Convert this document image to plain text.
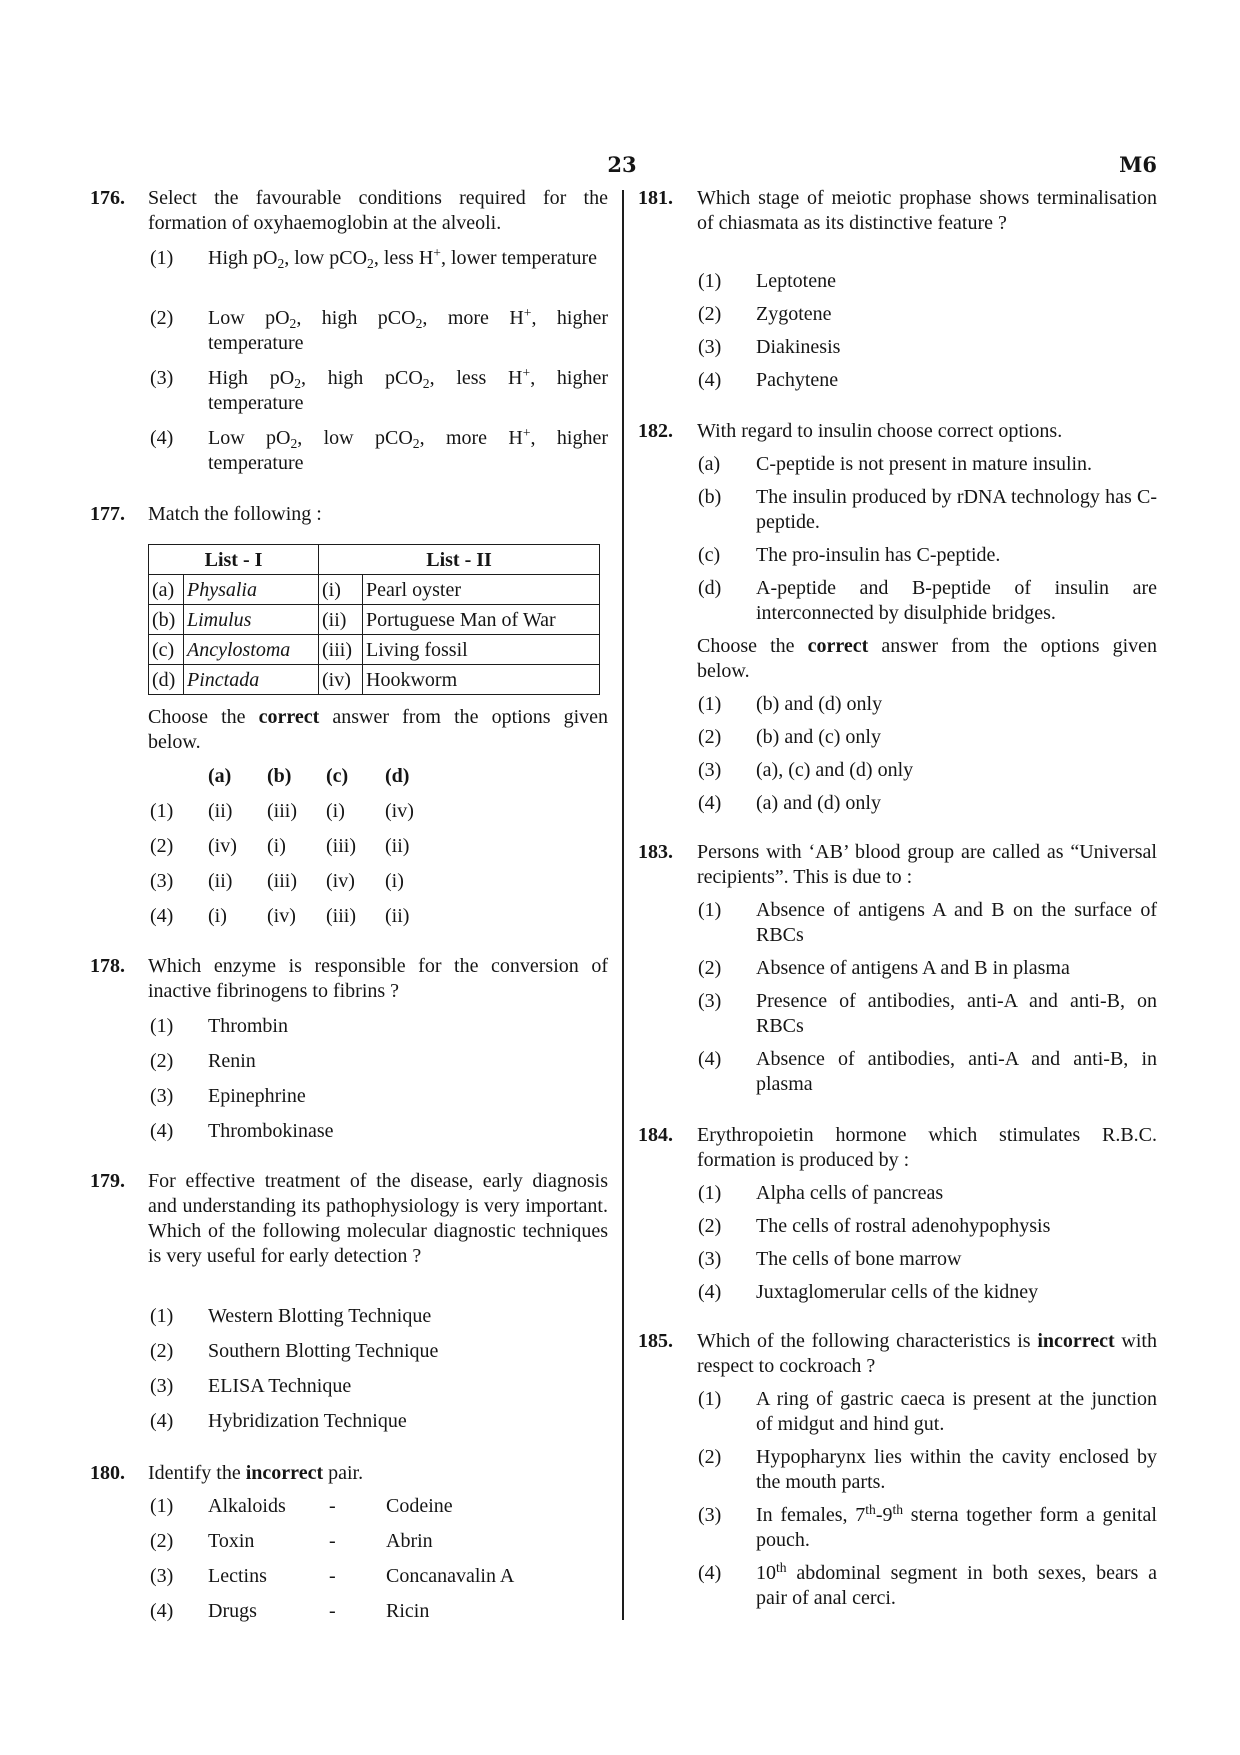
23	M6
176.	Select the favourable conditions required for the formation of oxyhaemoglobin at the alveoli.
(1)	High $pO_2$, low pCO$_2$, less H+, lower temperature
(2)	Low $pO_2$, high pCO$_2$, more H+, higher temperature
(3)	High $pO_2$, high pCO$_2$, less H+, higher temperature
(4)	Low $pO_2$, low pCO$_2$, more H+, higher temperature
177.	Match the following :
List - I		List - II	
(a)	Physalia	(i)	Pearl oyster
(b)	Limulus	(ii)	Portuguese Man of War
(c)	Ancylostoma	(iii)	Living fossil
(d)	Pinctada	(iv)	Hookworm
Choose the correct answer from the options given below.
(a)	(b)	(c)	(d)
(1)	(ii)	(iii)	(i)	(iv)
(2)	(iv)	(i)	(iii)	(ii)
(3)	(ii)	(iii)	(iv)	(i)
(4)	(i)	(iv)	(iii)	(ii)
178.	Which enzyme is responsible for the conversion of inactive fibrinogens to fibrins ?
(1)	Thrombin
(2)	Renin
(3)	Epinephrine
(4)	Thrombokinase
179.	For effective treatment of the disease, early diagnosis and understanding its pathophysiology is very important. Which of the following molecular diagnostic techniques is very useful for early detection ?
(1)	Western Blotting Technique
(2)	Southern Blotting Technique
(3)	ELISA Technique
(4)	Hybridization Technique
180.	Identify the incorrect pair.
(1)	Alkaloids	-	Codeine
(2)	Toxin	-	Abrin
(3)	Lectins	-	Concanavalin A
(4)	Drugs	-	Ricin
181.	Which stage of meiotic prophase shows terminalisation of chiasmata as its distinctive feature ?
(1)	Leptotene
(2)	Zygotene
(3)	Diakinesis
(4)	Pachytene
182.	With regard to insulin choose correct options.
(a)	C-peptide is not present in mature insulin.
(b)	The insulin produced by rDNA technology has C-peptide.
(c)	The pro-insulin has C-peptide.
(d)	A-peptide and B-peptide of insulin are interconnected by disulphide bridges.
Choose the correct answer from the options given below.
(1)	(b) and (d) only
(2)	(b) and (c) only
(3)	(a), (c) and (d) only
(4)	(a) and (d) only
183.	Persons with ‘AB’ blood group are called as “Universal recipients”. This is due to :
(1)	Absence of antigens A and B on the surface of RBCs
(2)	Absence of antigens A and B in plasma
(3)	Presence of antibodies, anti-A and anti-B, on RBCs
(4)	Absence of antibodies, anti-A and anti-B, in plasma
184.	Erythropoietin hormone which stimulates R.B.C. formation is produced by :
(1)	Alpha cells of pancreas
(2)	The cells of rostral adenohypophysis
(3)	The cells of bone marrow
(4)	Juxtaglomerular cells of the kidney
185.	Which of the following characteristics is incorrect with respect to cockroach ?
(1)	A ring of gastric caeca is present at the junction of midgut and hind gut.
(2)	Hypopharynx lies within the cavity enclosed by the mouth parts.
(3)	In females, 7th-9th sterna together form a genital pouch.
(4)	10th abdominal segment in both sexes, bears a pair of anal cerci.
